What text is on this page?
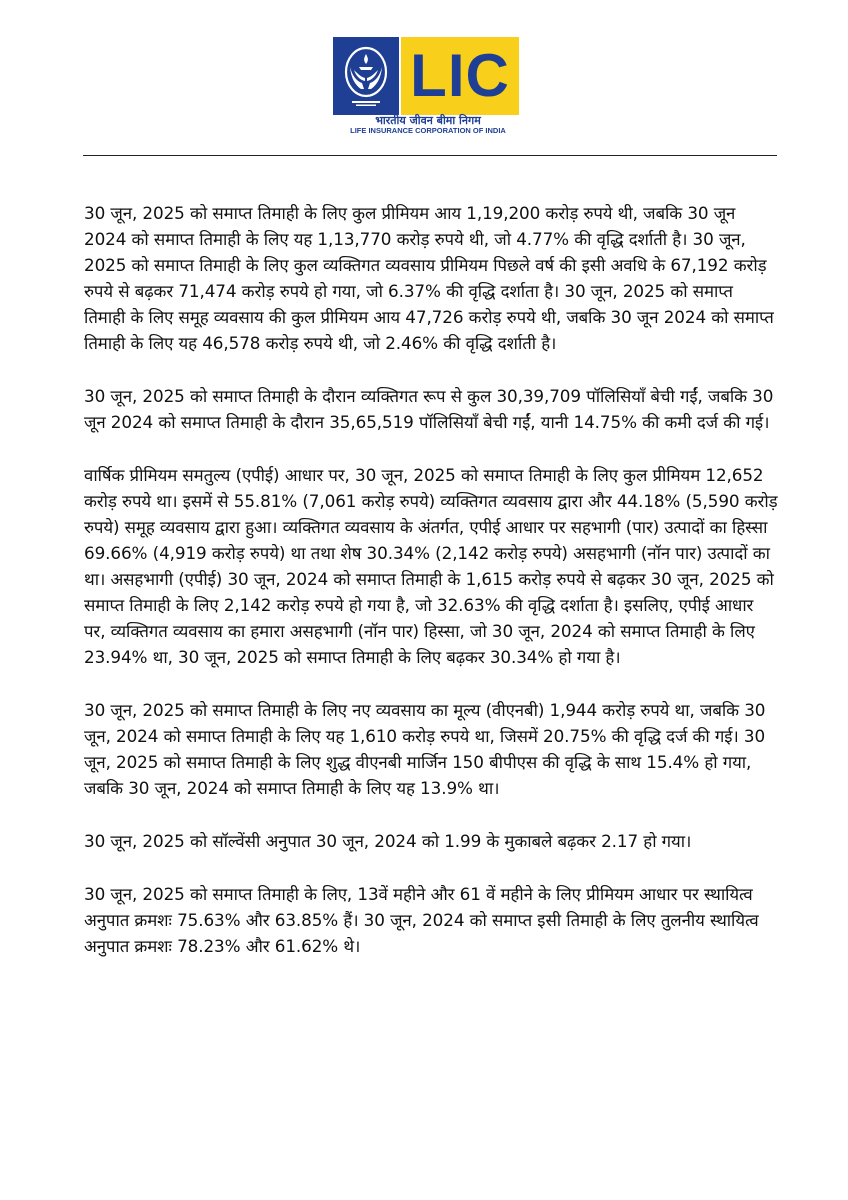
LIC
भारतीय जीवन बीमा निगम
LIFE INSURANCE CORPORATION OF INDIA

30 जून, 2025 को समाप्त तिमाही के लिए कुल प्रीमियम आय 1,19,200 करोड़ रुपये थी, जबकि 30 जून 2024 को समाप्त तिमाही के लिए यह 1,13,770 करोड़ रुपये थी, जो 4.77% की वृद्धि दर्शाती है। 30 जून, 2025 को समाप्त तिमाही के लिए कुल व्यक्तिगत व्यवसाय प्रीमियम पिछले वर्ष की इसी अवधि के 67,192 करोड़ रुपये से बढ़कर 71,474 करोड़ रुपये हो गया, जो 6.37% की वृद्धि दर्शाता है। 30 जून, 2025 को समाप्त तिमाही के लिए समूह व्यवसाय की कुल प्रीमियम आय 47,726 करोड़ रुपये थी, जबकि 30 जून 2024 को समाप्त तिमाही के लिए यह 46,578 करोड़ रुपये थी, जो 2.46% की वृद्धि दर्शाती है।

30 जून, 2025 को समाप्त तिमाही के दौरान व्यक्तिगत रूप से कुल 30,39,709 पॉलिसियाँ बेची गईं, जबकि 30 जून 2024 को समाप्त तिमाही के दौरान 35,65,519 पॉलिसियाँ बेची गईं, यानी 14.75% की कमी दर्ज की गई।

वार्षिक प्रीमियम समतुल्य (एपीई) आधार पर, 30 जून, 2025 को समाप्त तिमाही के लिए कुल प्रीमियम 12,652 करोड़ रुपये था। इसमें से 55.81% (7,061 करोड़ रुपये) व्यक्तिगत व्यवसाय द्वारा और 44.18% (5,590 करोड़ रुपये) समूह व्यवसाय द्वारा हुआ। व्यक्तिगत व्यवसाय के अंतर्गत, एपीई आधार पर सहभागी (पार) उत्पादों का हिस्सा 69.66% (4,919 करोड़ रुपये) था तथा शेष 30.34% (2,142 करोड़ रुपये) असहभागी (नॉन पार) उत्पादों का था। असहभागी (एपीई) 30 जून, 2024 को समाप्त तिमाही के 1,615 करोड़ रुपये से बढ़कर 30 जून, 2025 को समाप्त तिमाही के लिए 2,142 करोड़ रुपये हो गया है, जो 32.63% की वृद्धि दर्शाता है। इसलिए, एपीई आधार पर, व्यक्तिगत व्यवसाय का हमारा असहभागी (नॉन पार) हिस्सा, जो 30 जून, 2024 को समाप्त तिमाही के लिए 23.94% था, 30 जून, 2025 को समाप्त तिमाही के लिए बढ़कर 30.34% हो गया है।

30 जून, 2025 को समाप्त तिमाही के लिए नए व्यवसाय का मूल्य (वीएनबी) 1,944 करोड़ रुपये था, जबकि 30 जून, 2024 को समाप्त तिमाही के लिए यह 1,610 करोड़ रुपये था, जिसमें 20.75% की वृद्धि दर्ज की गई। 30 जून, 2025 को समाप्त तिमाही के लिए शुद्ध वीएनबी मार्जिन 150 बीपीएस की वृद्धि के साथ 15.4% हो गया, जबकि 30 जून, 2024 को समाप्त तिमाही के लिए यह 13.9% था।

30 जून, 2025 को सॉल्वेंसी अनुपात 30 जून, 2024 को 1.99 के मुकाबले बढ़कर 2.17 हो गया।

30 जून, 2025 को समाप्त तिमाही के लिए, 13वें महीने और 61 वें महीने के लिए प्रीमियम आधार पर स्थायित्व अनुपात क्रमशः 75.63% और 63.85% हैं। 30 जून, 2024 को समाप्त इसी तिमाही के लिए तुलनीय स्थायित्व अनुपात क्रमशः 78.23% और 61.62% थे।
